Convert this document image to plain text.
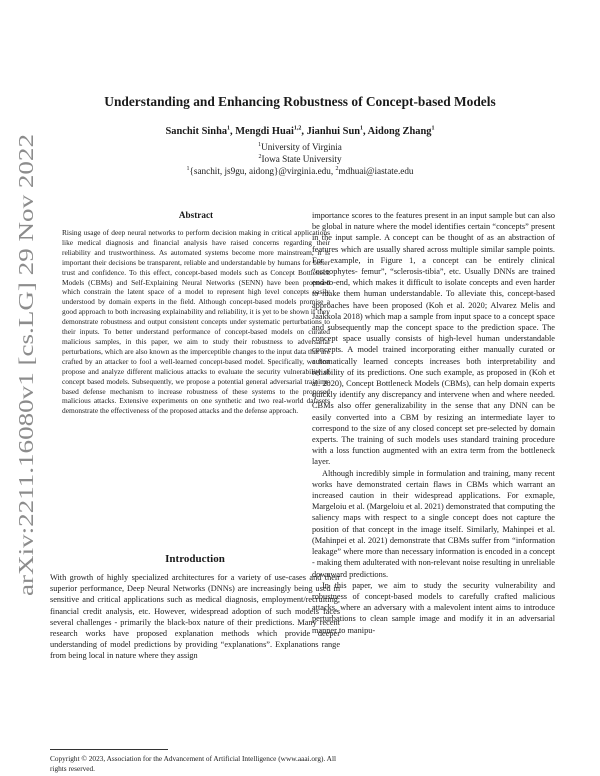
arXiv:2211.16080v1 [cs.LG] 29 Nov 2022
Understanding and Enhancing Robustness of Concept-based Models
Sanchit Sinha$^1$, Mengdi Huai$^{1,2}$, Jianhui Sun$^1$, Aidong Zhang$^1$
$^1$University of Virginia
$^2$Iowa State University
$^1${sanchit, js9gu, aidong}@virginia.edu, $^2$mdhuai@iastate.edu
Abstract
Rising usage of deep neural networks to perform decision making in critical applications like medical diagnosis and financial analysis have raised concerns regarding their reliability and trustworthiness. As automated systems become more mainstream, it is important their decisions be transparent, reliable and understandable by humans for better trust and confidence. To this effect, concept-based models such as Concept Bottleneck Models (CBMs) and Self-Explaining Neural Networks (SENN) have been proposed which constrain the latent space of a model to represent high level concepts easily understood by domain experts in the field. Although concept-based models promise a good approach to both increasing explainability and reliability, it is yet to be shown if they demonstrate robustness and output consistent concepts under systematic perturbations to their inputs. To better understand performance of concept-based models on curated malicious samples, in this paper, we aim to study their robustness to adversarial perturbations, which are also known as the imperceptible changes to the input data that are crafted by an attacker to fool a well-learned concept-based model. Specifically, we first propose and analyze different malicious attacks to evaluate the security vulnerability of concept based models. Subsequently, we propose a potential general adversarial training-based defense mechanism to increase robustness of these systems to the proposed malicious attacks. Extensive experiments on one synthetic and two real-world datasets demonstrate the effectiveness of the proposed attacks and the defense approach.
Introduction

With growth of highly specialized architectures for a variety of use-cases and their superior performance, Deep Neural Networks (DNNs) are increasingly being used in sensitive and critical applications such as medical diagnosis, employment/recruiting, financial credit analysis, etc. However, widespread adoption of such models faces several challenges - primarily the black-box nature of their predictions. Many recent research works have proposed explanation methods which provide deeper understanding of model predictions by providing “explanations”. Explanations range from being local in nature where they assign

Copyright © 2023, Association for the Advancement of Artificial Intelligence (www.aaai.org). All rights reserved.

importance scores to the features present in an input sample but can also be global in nature where the model identifies certain “concepts” present in the input sample. A concept can be thought of as an abstraction of features which are usually shared across multiple similar sample points. For example, in Figure 1, a concept can be entirely clinical “osteophytes- femur”, “sclerosis-tibia”, etc. Usually DNNs are trained end-to-end, which makes it difficult to isolate concepts and even harder to make them human understandable. To alleviate this, concept-based approaches have been proposed (Koh et al. 2020; Alvarez Melis and Jaakkola 2018) which map a sample from input space to a concept space and subsequently map the concept space to the prediction space. The concept space usually consists of high-level human understandable concepts. A model trained incorporating either manually curated or automatically learned concepts increases both interpretability and reliability of its predictions. One such example, as proposed in (Koh et al. 2020), Concept Bottleneck Models (CBMs), can help domain experts quickly identify any discrepancy and intervene when and where needed. CBMs also offer generalizability in the sense that any DNN can be easily converted into a CBM by resizing an intermediate layer to correspond to the size of any closed concept set pre-selected by domain experts. The training of such models uses standard training procedure with a loss function augmented with an extra term from the bottleneck layer.

Although incredibly simple in formulation and training, many recent works have demonstrated certain flaws in CBMs which warrant an increased caution in their widespread applications. For exmaple, Margeloiu et al. (Margeloiu et al. 2021) demonstrated that computing the saliency maps with respect to a single concept does not capture the position of that concept in the image itself. Similarly, Mahinpei et al. (Mahinpei et al. 2021) demonstrate that CBMs suffer from “information leakage” where more than necessary information is encoded in a concept - making them adulterated with non-relevant noise resulting in unreliable downward predictions.

In this paper, we aim to study the security vulnerability and robustness of concept-based models to carefully crafted malicious attacks, where an adversary with a malevolent intent aims to introduce perturbations to clean sample image and modify it in an adversarial manner to manipu-
